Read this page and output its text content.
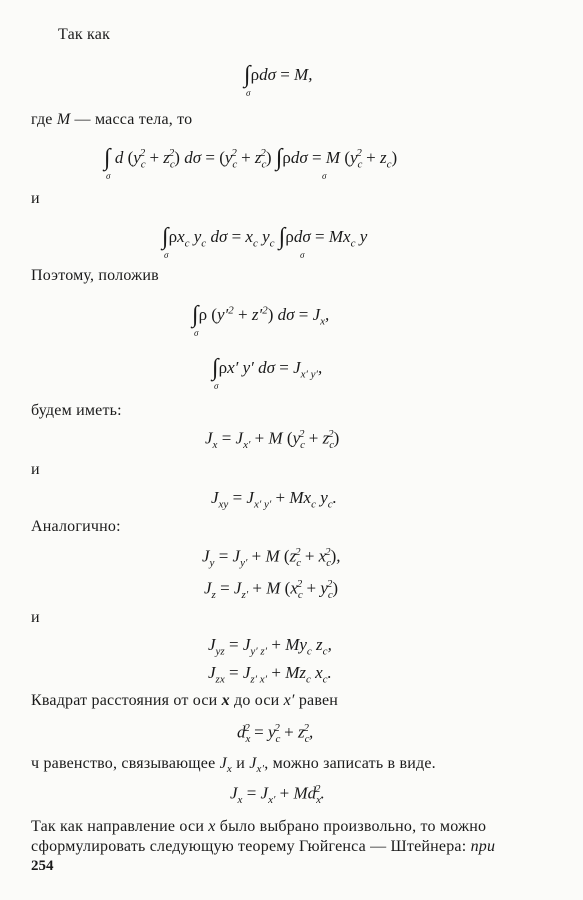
Так как
где M — масса тела, то
и
Поэтому, положив
будем иметь:
и
Аналогично:
и
Квадрат расстояния от оси x до оси x′ равен
ч равенство, связывающее $J_x$ и $J_{x'}$, можно записать в виде.
Так как направление оси x было выбрано произвольно, то можно
сформулировать следующую теорему Гюйгенса — Штейнера: при
∫ρdσ = M,
σ
∫ d $(y_c^2 + z_c^2) d\sigma = (y_c^2 + z_c^2) \int\rho d\sigma = M$ $(y_c^2 + z_c)$
σ	σ
$\int\rho x_c$ $y_c$ $d\sigma = x_c$ $y_c$ $\int\rho d\sigma = Mx_c$ y
σ	σ
∫ρ $(y'^2 + z'^2) d\sigma = J_x$,
σ
∫ρx′ y′ $d\sigma = J_{x' y'}$,
σ
$J_x = J_{x'} + M$ $(y_c^2 + z_c^2)$
$J_{xy} = J_{x' y'} + Mx_c$ $y_c$.
$J_y = J_{y'} + M$ $(z_c^2 + x_c^2)$,
$J_z = J_{z'} + M$ $(x_c^2 + y_c^2)$
$J_{yz} = J_{y' z'} + My_c$ $z_c$,
$J_{zx} = J_{z' x'} + Mz_c$ $x_c$.
$d_x^2 = y_c^2 + z_c^2$,
$J_x = J_{x'} + Md_x^2$.
254
